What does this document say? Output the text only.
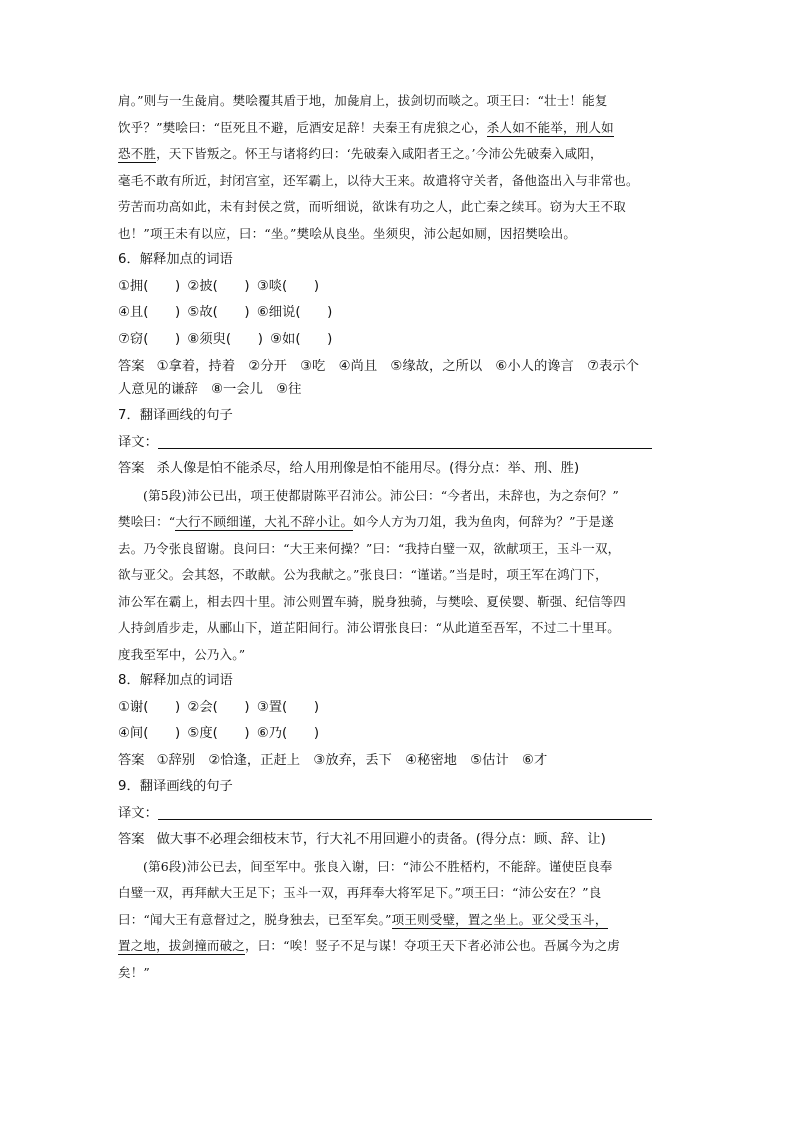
肩。”则与一生彘肩。樊哙覆其盾于地，加彘肩上，拔剑切而啖之。项王曰：“壮士！能复
饮乎？”樊哙曰：“臣死且不避，卮酒安足辞！夫秦王有虎狼之心，杀人如不能举，刑人如
恐不胜，天下皆叛之。怀王与诸将约曰：‘先破秦入咸阳者王之。’今沛公先破秦入咸阳，
毫毛不敢有所近，封闭宫室，还军霸上，以待大王来。故遣将守关者，备他盗出入与非常也。
劳苦而功高如此，未有封侯之赏，而听细说，欲诛有功之人，此亡秦之续耳。窃为大王不取
也！”项王未有以应，曰：“坐。”樊哙从良坐。坐须臾，沛公起如厕，因招樊哙出。
6．解释加点的词语
①拥(　　) ②披(　　) ③啖(　　)
④且(　　) ⑤故(　　) ⑥细说(　　)
⑦窃(　　) ⑧须臾(　　) ⑨如(　　)
答案 ①拿着，持着　②分开　③吃　④尚且　⑤缘故，之所以　⑥小人的谗言　⑦表示个
人意见的谦辞　⑧一会儿　⑨往
7．翻译画线的句子
译文：
答案 杀人像是怕不能杀尽，给人用刑像是怕不能用尽。(得分点：举、刑、胜)
(第5段)沛公已出，项王使都尉陈平召沛公。沛公曰：“今者出，未辞也，为之奈何？”
樊哙曰：“大行不顾细谨，大礼不辞小让。如今人方为刀俎，我为鱼肉，何辞为？”于是遂
去。乃令张良留谢。良问曰：“大王来何操？”曰：“我持白璧一双，欲献项王，玉斗一双，
欲与亚父。会其怒，不敢献。公为我献之。”张良曰：“谨诺。”当是时，项王军在鸿门下，
沛公军在霸上，相去四十里。沛公则置车骑，脱身独骑，与樊哙、夏侯婴、靳强、纪信等四
人持剑盾步走，从郦山下，道芷阳间行。沛公谓张良曰：“从此道至吾军，不过二十里耳。
度我至军中，公乃入。”
8．解释加点的词语
①谢(　　) ②会(　　) ③置(　　)
④间(　　) ⑤度(　　) ⑥乃(　　)
答案 ①辞别　②恰逢，正赶上　③放弃，丢下　④秘密地　⑤估计　⑥才
9．翻译画线的句子
译文：
答案 做大事不必理会细枝末节，行大礼不用回避小的责备。(得分点：顾、辞、让)
(第6段)沛公已去，间至军中。张良入谢，曰：“沛公不胜桮杓，不能辞。谨使臣良奉
白璧一双，再拜献大王足下；玉斗一双，再拜奉大将军足下。”项王曰：“沛公安在？”良
曰：“闻大王有意督过之，脱身独去，已至军矣。”项王则受璧，置之坐上。亚父受玉斗，
置之地，拔剑撞而破之，曰：“唉！竖子不足与谋！夺项王天下者必沛公也。吾属今为之虏
矣！”
